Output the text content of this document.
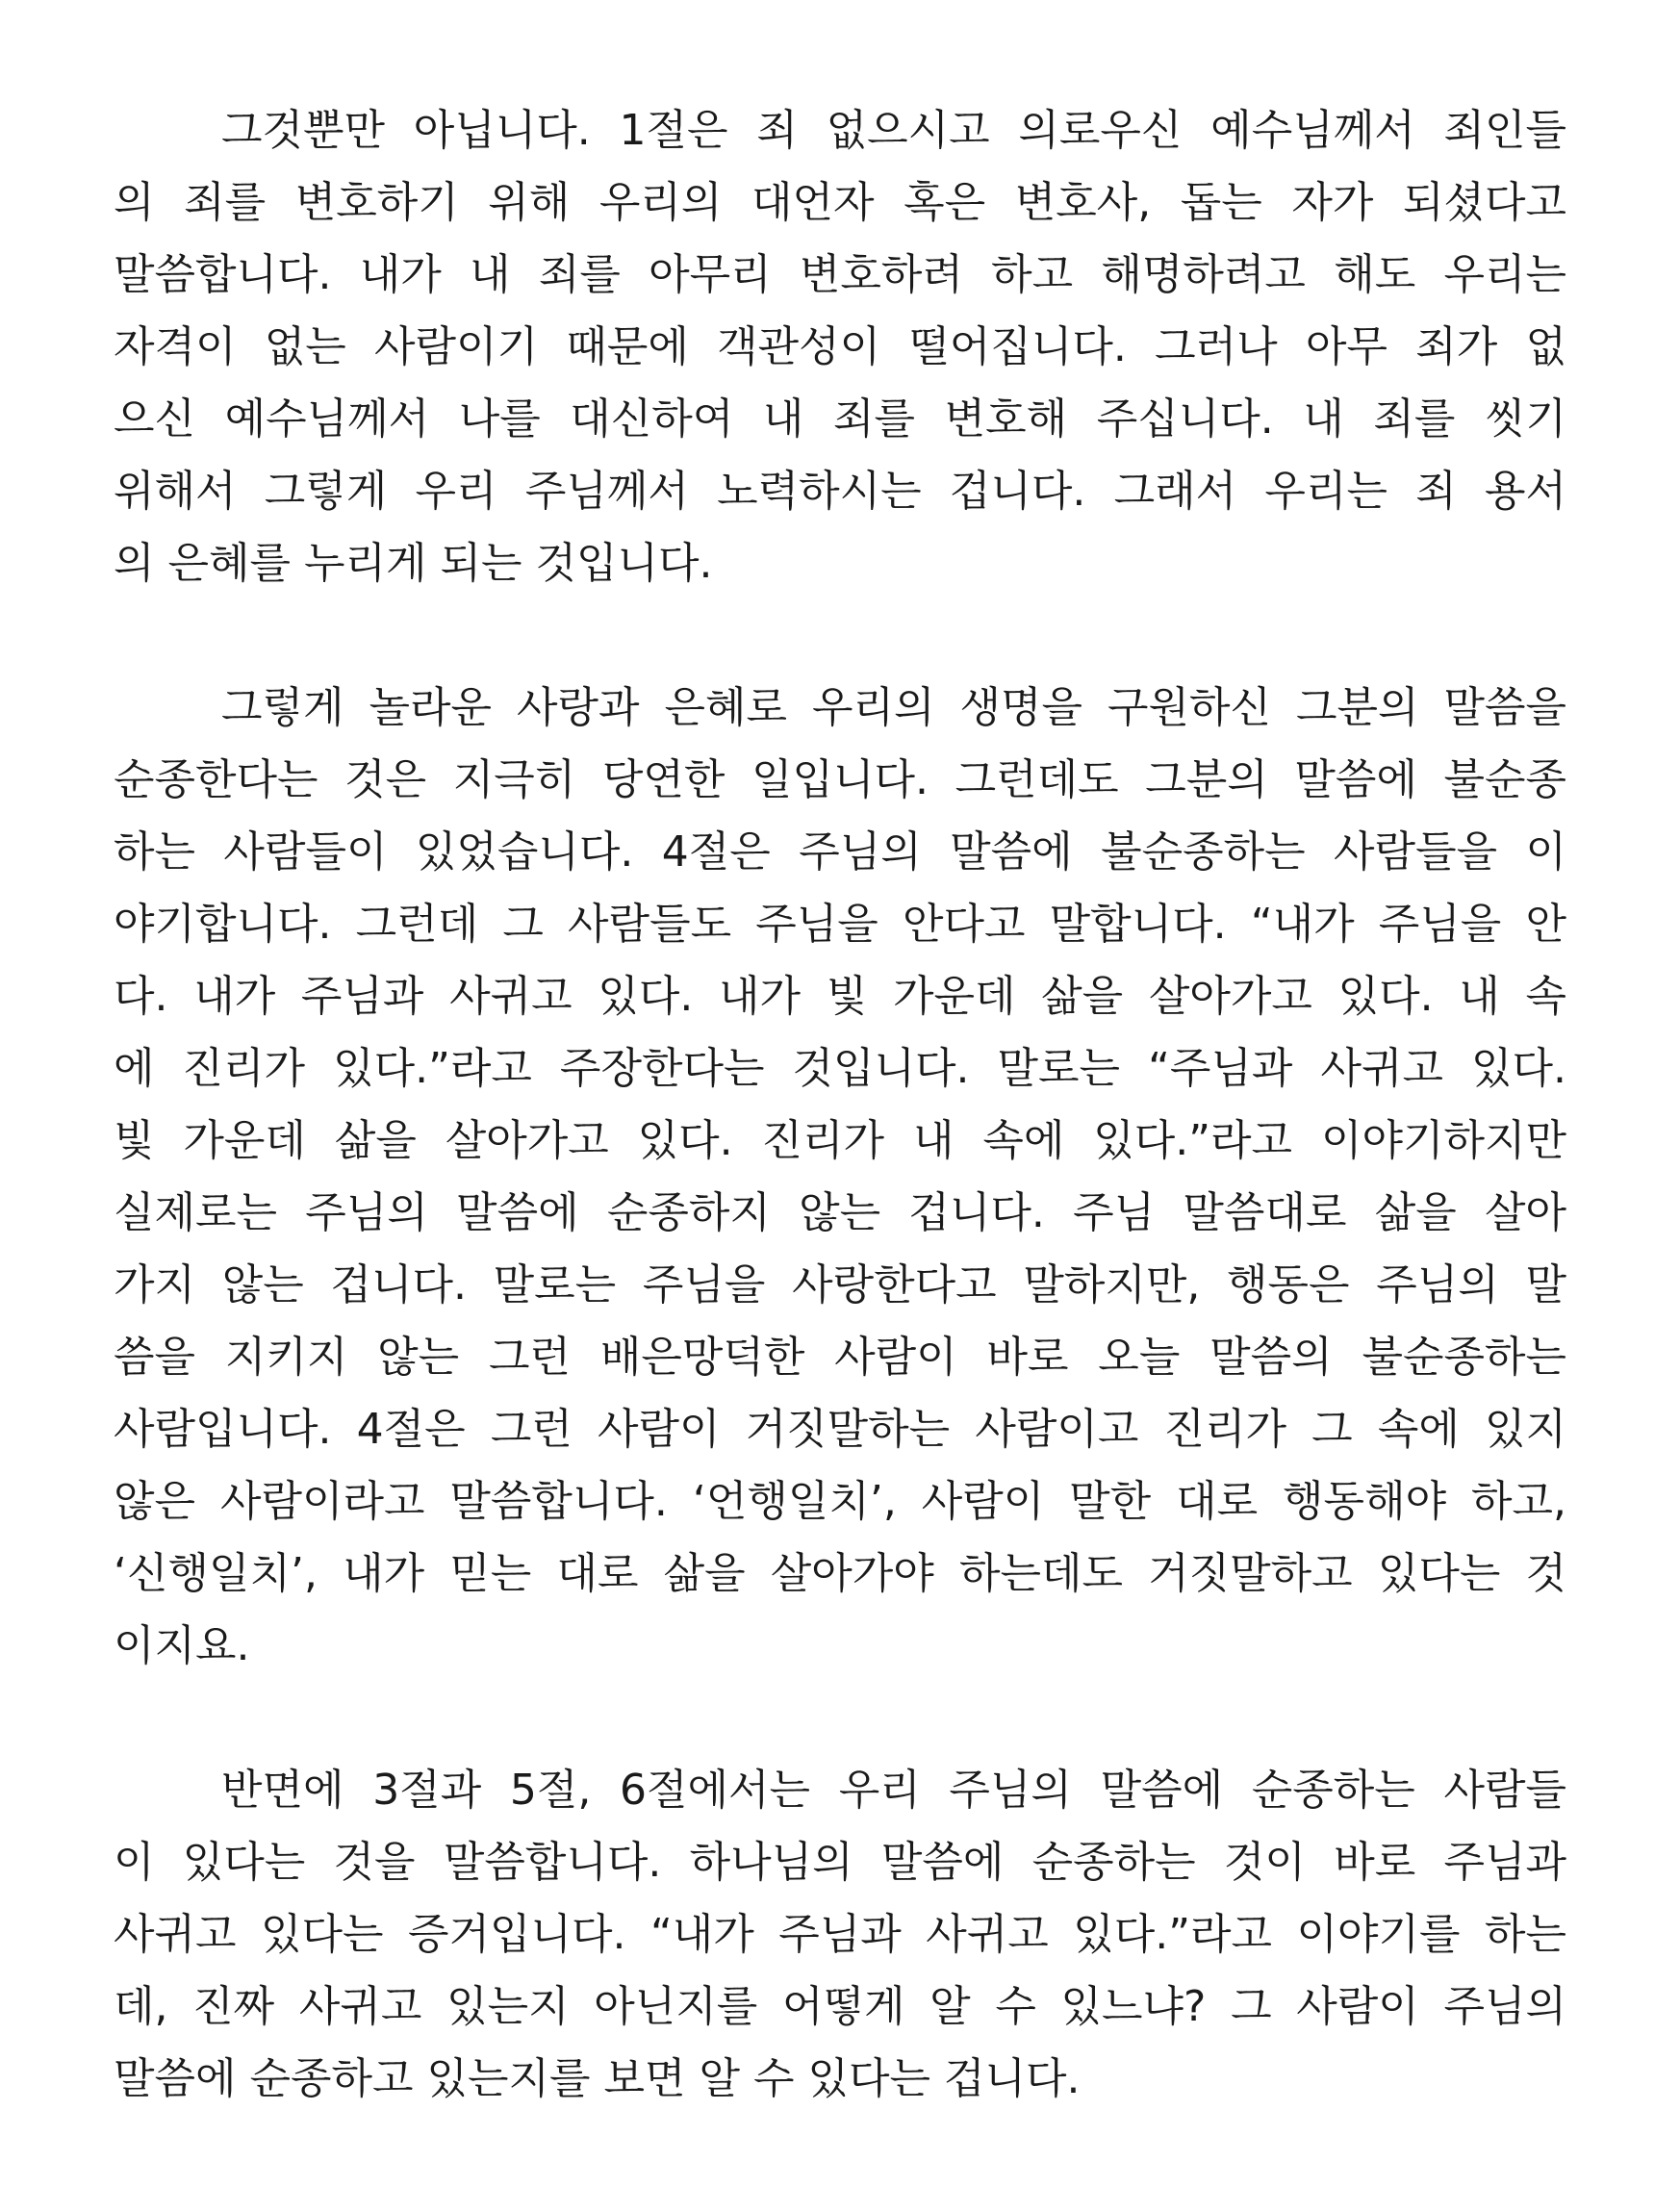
그것뿐만 아닙니다. 1절은 죄 없으시고 의로우신 예수님께서 죄인들
의 죄를 변호하기 위해 우리의 대언자 혹은 변호사, 돕는 자가 되셨다고
말씀합니다. 내가 내 죄를 아무리 변호하려 하고 해명하려고 해도 우리는
자격이 없는 사람이기 때문에 객관성이 떨어집니다. 그러나 아무 죄가 없
으신 예수님께서 나를 대신하여 내 죄를 변호해 주십니다. 내 죄를 씻기
위해서 그렇게 우리 주님께서 노력하시는 겁니다. 그래서 우리는 죄 용서
의 은혜를 누리게 되는 것입니다.
그렇게 놀라운 사랑과 은혜로 우리의 생명을 구원하신 그분의 말씀을
순종한다는 것은 지극히 당연한 일입니다. 그런데도 그분의 말씀에 불순종
하는 사람들이 있었습니다. 4절은 주님의 말씀에 불순종하는 사람들을 이
야기합니다. 그런데 그 사람들도 주님을 안다고 말합니다. “내가 주님을 안
다. 내가 주님과 사귀고 있다. 내가 빛 가운데 삶을 살아가고 있다. 내 속
에 진리가 있다.”라고 주장한다는 것입니다. 말로는 “주님과 사귀고 있다.
빛 가운데 삶을 살아가고 있다. 진리가 내 속에 있다.”라고 이야기하지만
실제로는 주님의 말씀에 순종하지 않는 겁니다. 주님 말씀대로 삶을 살아
가지 않는 겁니다. 말로는 주님을 사랑한다고 말하지만, 행동은 주님의 말
씀을 지키지 않는 그런 배은망덕한 사람이 바로 오늘 말씀의 불순종하는
사람입니다. 4절은 그런 사람이 거짓말하는 사람이고 진리가 그 속에 있지
않은 사람이라고 말씀합니다. ‘언행일치’, 사람이 말한 대로 행동해야 하고,
‘신행일치’, 내가 믿는 대로 삶을 살아가야 하는데도 거짓말하고 있다는 것
이지요.
반면에 3절과 5절, 6절에서는 우리 주님의 말씀에 순종하는 사람들
이 있다는 것을 말씀합니다. 하나님의 말씀에 순종하는 것이 바로 주님과
사귀고 있다는 증거입니다. “내가 주님과 사귀고 있다.”라고 이야기를 하는
데, 진짜 사귀고 있는지 아닌지를 어떻게 알 수 있느냐? 그 사람이 주님의
말씀에 순종하고 있는지를 보면 알 수 있다는 겁니다.
